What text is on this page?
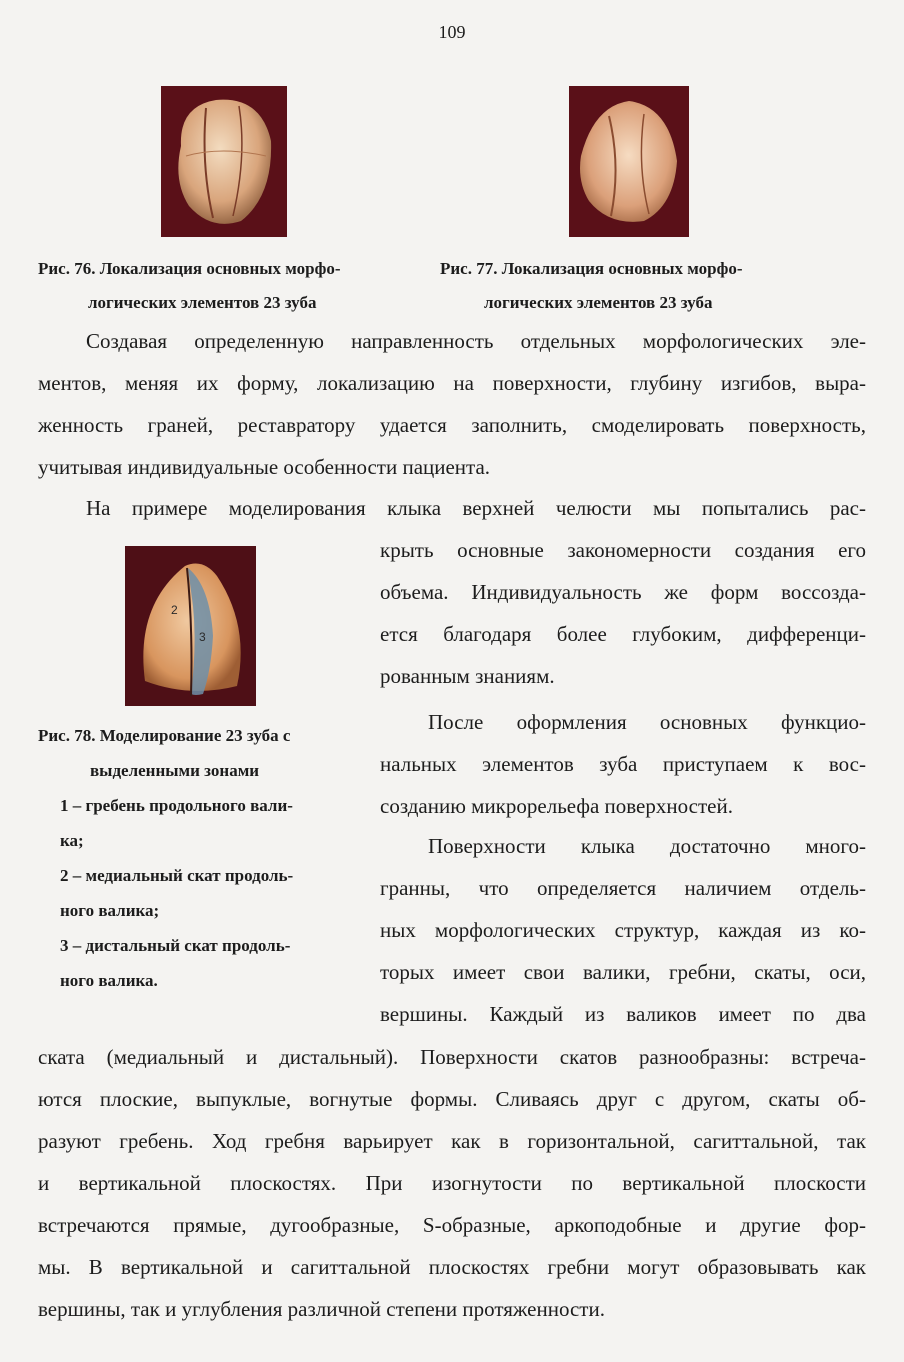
109
Рис. 76. Локализация основных морфо-
логических элементов 23 зуба
Рис. 77. Локализация основных морфо-
логических элементов 23 зуба
Создавая определенную направленность отдельных морфологических эле-
ментов, меняя их форму, локализацию на поверхности, глубину изгибов, выра-
женность граней, реставратору удается заполнить, смоделировать поверхность,
учитывая индивидуальные особенности пациента.
На примере моделирования клыка верхней челюсти мы попытались рас-
2
3
крыть основные закономерности создания его
объема. Индивидуальность же форм воссозда-
ется благодаря более глубоким, дифференци-
рованным знаниям.
После оформления основных функцио-
нальных элементов зуба приступаем к вос-
созданию микрорельефа поверхностей.
Поверхности клыка достаточно много-
гранны, что определяется наличием отдель-
ных морфологических структур, каждая из ко-
торых имеет свои валики, гребни, скаты, оси,
вершины. Каждый из валиков имеет по два
Рис. 78. Моделирование 23 зуба с
выделенными зонами
1 – гребень продольного вали-
ка;
2 – медиальный скат продоль-
ного валика;
3 – дистальный скат продоль-
ного валика.
ската (медиальный и дистальный). Поверхности скатов разнообразны: встреча-
ются плоские, выпуклые, вогнутые формы. Сливаясь друг с другом, скаты об-
разуют гребень. Ход гребня варьирует как в горизонтальной, сагиттальной, так
и вертикальной плоскостях. При изогнутости по вертикальной плоскости
встречаются прямые, дугообразные, S-образные, аркоподобные и другие фор-
мы. В вертикальной и сагиттальной плоскостях гребни могут образовывать как
вершины, так и углубления различной степени протяженности.
